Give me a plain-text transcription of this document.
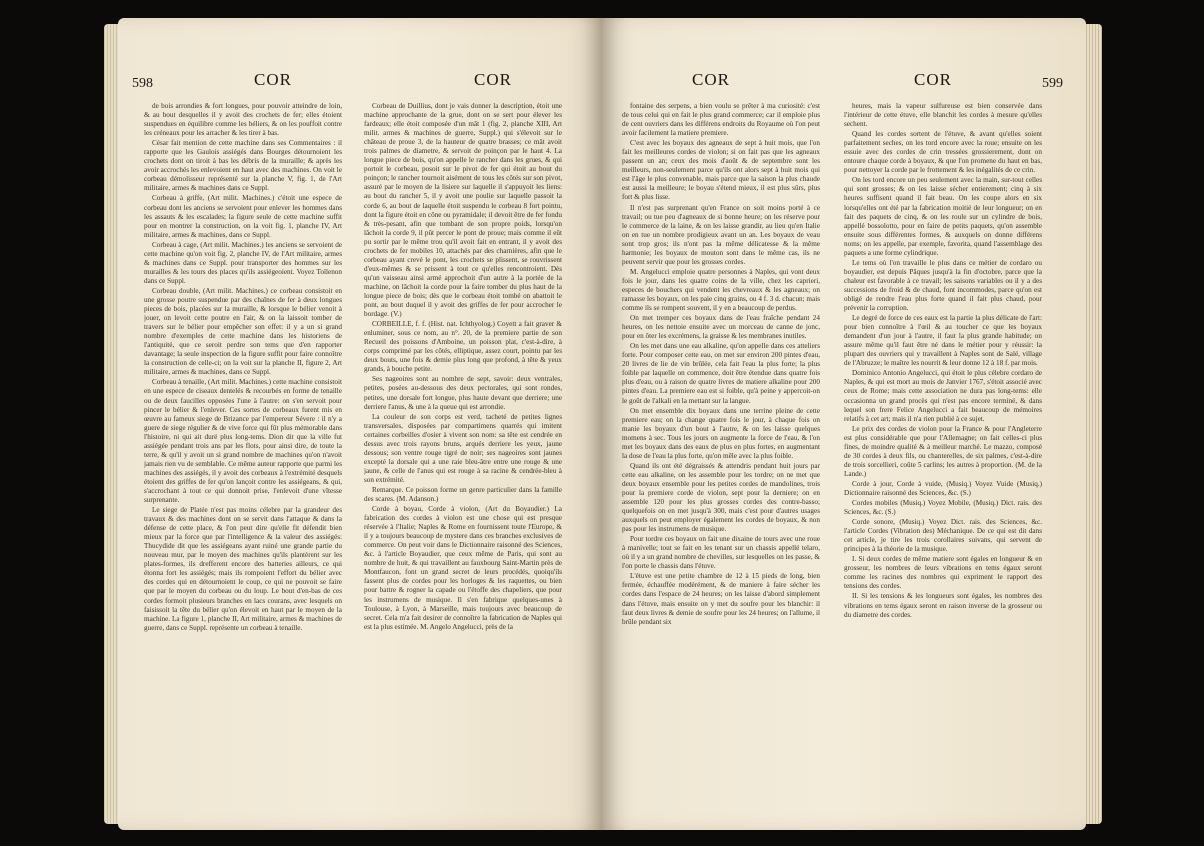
598	COR	COR

de bois arrondies & fort longues, pour pouvoir atteindre de loin, & au bout desquelles il y avoit des crochets de fer; elles étoient suspendues en équilibre comme les béliers, & on les pouffoit contre les créneaux pour les arracher & les tirer à bas.

César fait mention de cette machine dans ses Commentaires : il rapporte que les Gaulois assiégés dans Bourges détournoient les crochets dont on tiroit à bas les débris de la muraille; & après les avoir accrochés les enlevoient en haut avec des machines. On voit le corbeau démolisseur représenté sur la planche V, fig. 1, de l'Art militaire, armes & machines dans ce Suppl.

Corbeau à griffe, (Art milit. Machines.) c'étoit une espece de corbeau dont les anciens se servoient pour enlever les hommes dans les assauts & les escalades; la figure seule de cette machine suffit pour en montrer la construction, on la voit fig. 1, planche IV, Art militaire, armes & machines, dans ce Suppl.

Corbeau à cage, (Art milit. Machines.) les anciens se servoient de cette machine qu'on voit fig. 2, planche IV, de l'Art militaire, armes & machines dans ce Suppl. pour transporter des hommes sur les murailles & les tours des places qu'ils assiégeoient. Voyez Tollenon dans ce Suppl.

Corbeau double, (Art milit. Machines.) ce corbeau consistoit en une grosse poutre suspendue par des chaînes de fer à deux longues pieces de bois, placées sur la muraille, & lorsque le bélier venoit à jouer, on levoit cette poutre en l'air, & on la laissoit tomber de travers sur le bélier pour empêcher son effet: il y a un si grand nombre d'exemples de cette machine dans les historiens de l'antiquité, que ce seroit perdre son tems que d'en rapporter davantage; la seule inspection de la figure suffit pour faire connoître la construction de celle-ci; on la voit sur la planche II, figure 2, Art militaire, armes & machines, dans ce Suppl.

Corbeau à tenaille, (Art milit. Machines.) cette machine consistoit en une espece de ciseaux dentelés & recourbés en forme de tenaille ou de deux faucilles opposées l'une à l'autre: on s'en servoit pour pincer le bélier & l'enlever. Ces sortes de corbeaux furent mis en œuvre au fameux siege de Brizance par l'empereur Sévere : il n'y a guere de siege régulier & de vive force qui fût plus mémorable dans l'histoire, ni qui ait duré plus long-tems. Dion dit que la ville fut assiégée pendant trois ans par les flots, pour ainsi dire, de toute la terre, & qu'il y avoit un si grand nombre de machines qu'on n'avoit jamais rien vu de semblable. Ce même auteur rapporte que parmi les machines des assiégés, il y avoit des corbeaux à l'extrémité desquels étoient des griffes de fer qu'on lançoit contre les assiégeans, & qui, s'accrochant à tout ce qui donnoit prise, l'enlevoit d'une vîtesse surprenante.

Le siege de Platée n'est pas moins célebre par la grandeur des travaux & des machines dont on se servit dans l'attaque & dans la défense de cette place, & l'on peut dire qu'elle fit défendit bien mieux par la force que par l'intelligence & la valeur des assiégés: Thucydide dit que les assiégeans ayant ruiné une grande partie du nouveau mur, par le moyen des machines qu'ils plantèrent sur les plates-formes, ils drefferent encore des batteries ailleurs, ce qui étonna fort les assiégés; mais ils rompoient l'effort du bélier avec des cordes qui en détournoient le coup, ce qui ne pouvoit se faire que par le moyen du corbeau ou du loup. Le bout d'en-bas de ces cordes formoit plusieurs branches en lacs courans, avec lesquels on faisissoit la tête du bélier qu'on élevoit en haut par le moyen de la machine. La figure 1, planche II, Art militaire, armes & machines de guerre, dans ce Suppl. représente un corbeau à tenaille.

Corbeau de Duillius, dont je vais donner la description, étoit une machine approchante de la grue, dont on se sert pour élever les fardeaux; elle étoit composée d'un mât 1 (fig. 2, planche XIII, Art milit. armes & machines de guerre, Suppl.) qui s'élevoit sur le château de proue 3, de la hauteur de quatre brasses; ce mât avoit trois palmes de diametre, & servoit de poinçon par le haut 4. La longue piece de bois, qu'on appelle le rancher dans les grues, & qui portoit le corbeau, posoit sur le pivot de fer qui étoit au bout du poinçon; le rancher tournoit aisément de tous les côtés sur son pivot, assuré par le moyen de la lisiere sur laquelle il s'appuyoit les liens: au bout du rancher 5, il y avoit une poulie sur laquelle passoit la corde 6, au bout de laquelle étoit suspendu le corbeau 8 fort pointu, dont la figure étoit en cône ou pyramidale; il devoit être de fer fondu & très-pesant, afin que tombant de son propre poids, lorsqu'on lâchoit la corde 9, il pût percer le pont de proue; mais comme il eût pu sortir par le même trou qu'il avoit fait en entrant, il y avoit des crochets de fer mobiles 10, attachés par des charnières, afin que le corbeau ayant crevé le pont, les crochets se plissent, se rouvrissent d'eux-mêmes & se prissent à tout ce qu'elles rencontroient. Dès qu'un vaisseau ainsi armé approchoit d'un autre à la portée de la machine, on lâchoit la corde pour la faire tomber du plus haut de la longue piece de bois; dès que le corbeau étoit tombé on abattoit le pont, au bout duquel il y avoit des griffes de fer pour accrocher le bordage. (V.)

CORBEILLE, f. f. (Hist. nat. Ichthyolog.) Coyett a fait graver & enluminer, sous ce nom, au n°. 20, de la premiere partie de son Recueil des poissons d'Amboine, un poisson plat, c'est-à-dire, à corps comprimé par les côtés, elliptique, assez court, pointu par les deux bouts, une fois & demie plus long que profond, à tête & yeux grands, à bouche petite.

Ses nageoires sont au nombre de sept, savoir: deux ventrales, petites, posées au-dessous des deux pectorales, qui sont rondes, petites, une dorsale fort longue, plus haute devant que derriere; une derriere l'anus, & une à la queue qui est arrondie.

La couleur de son corps est verd, tacheté de petites lignes transversales, disposées par compartimens quarrés qui imitent certaines corbeilles d'osier à vivent son nom: sa tête est cendrée en dessus avec trois rayons bruns, arqués derriere les yeux, jaune dessous; son ventre rouge tigré de noir; ses nageoires sont jaunes excepté la dorsale qui a une raie bleu-âtre entre une rouge & une jaune, & celle de l'anus qui est rouge à sa racine & cendrée-bleu à son extrémité.

Remarque. Ce poisson forme un genre particulier dans la famille des scares. (M. Adanson.)

Corde à boyau, Corde à violon, (Art du Boyaudier.) La fabrication des cordes à violon est une chose qui est presque réservée à l'Italie; Naples & Rome en fournissent toute l'Europe, & il y a toujours beaucoup de mystere dans ces branches exclusives de commerce. On peut voir dans le Dictionnaire raisonné des Sciences, &c. à l'article Boyaudier, que ceux même de Paris, qui sont au nombre de huit, & qui travaillent au fauxbourg Saint-Martin près de Montfaucon, font un grand secret de leurs procédés, quoiqu'ils fassent plus de cordes pour les horloges & les raquettes, ou bien pour battre & rogner la capade ou l'étoffe des chapeliers, que pour les instrumens de musique. Il s'en fabrique quelques-unes à Toulouse, à Lyon, à Marseille, mais toujours avec beaucoup de secret. Cela m'a fait desirer de connoître la fabrication de Naples qui est la plus estimée. M. Angelo Angelucci, près de la

COR	COR	599

fontaine des serpens, a bien voulu se prêter à ma curiosité: c'est de tous celui qui en fait le plus grand commerce; car il emploie plus de cent ouvriers dans les différens endroits du Royaume où l'on peut avoir facilement la matiere premiere.

C'est avec les boyaux des agneaux de sept à huit mois, que l'on fait les meilleures cordes de violon; si on fait pas que les agneaux passent un an; ceux des mois d'août & de septembre sont les meilleurs, non-seulement parce qu'ils ont alors sept à huit mois qui est l'âge le plus convenable, mais parce que la saison la plus chaude est aussi la meilleure; le boyau s'étend mieux, il est plus sûrs, plus fort & plus lisse.

Il n'est pas surprenant qu'en France on soit moins porté à ce travail; ou tue peu d'agneaux de si bonne heure; on les réserve pour le commerce de la laine, & on les laisse grandir, au lieu qu'en Italie on en tue un nombre prodigieux avant un an. Les boyaux de veau sont trop gros; ils n'ont pas la même délicatesse & la même harmonie; les boyaux de mouton sont dans le même cas, ils ne peuvent servir que pour les grosses cordes.

M. Angelucci emploie quatre personnes à Naples, qui vont deux fois le jour, dans les quatre coins de la ville, chez les caprieri, especes de bouchers qui vendent les chevreaux & les agneaux; on ramasse les boyaux, on les paie cinq grains, ou 4 f. 3 d. chacun; mais comme ils se rompent souvent, il y en a beaucoup de perdus.

On met tremper ces boyaux dans de l'eau fraîche pendant 24 heures, on les nettoie ensuite avec un morceau de canne de jonc, pour en ôter les excrémens, la graisse & les membranes inutiles.

On les met dans une eau alkaline, qu'on appelle dans ces atteliers forte. Pour composer cette eau, on met sur environ 200 pintes d'eau, 20 livres de lie de vin brûlée, cela fait l'eau la plus forte; la plus foible par laquelle on commence, doit être étendue dans quatre fois plus d'eau, ou à raison de quatre livres de matiere alkaline pour 200 pintes d'eau. La premiere eau est si foible, qu'à peine y appercoit-on le goût de l'alkali en la mettant sur la langue.

On met ensemble dix boyaux dans une terrine pleine de cette premiere eau; on la change quatre fois le jour, à chaque fois on manie les boyaux d'un bout à l'autre, & on les laisse quelques momens à sec. Tous les jours on augmente la force de l'eau, & l'on met les boyaux dans des eaux de plus en plus fortes, en augmentant la dose de l'eau la plus forte, qu'on mêle avec la plus foible.

Quand ils ont été dégraissés & attendris pendant huit jours par cette eau alkaline, on les assemble pour les tordre; on ne met que deux boyaux ensemble pour les petites cordes de mandolines, trois pour la premiere corde de violon, sept pour la derniere; on en assemble 120 pour les plus grosses cordes des contre-basso; quelquefois on en met jusqu'à 300, mais c'est pour d'autres usages auxquels on peut employer également les cordes de boyaux, & non pas pour les instrumens de musique.

Pour tordre ces boyaux on fait une dixaine de tours avec une roue à manivelle; tout se fait en les tenant sur un chassis appellé telaro, où il y a un grand nombre de chevilles, sur lesquelles on les passe, & l'on porte le chassis dans l'étuve.

L'étuve est une petite chambre de 12 à 15 pieds de long, bien fermée, échauffée modérément, & de maniere à faire sécher les cordes dans l'espace de 24 heures; on les laisse d'abord simplement dans l'étuve, mais ensuite on y met du soufre pour les blanchir: il faut deux livres & demie de soufre pour les 24 heures; on l'allume, il brûle pendant six

heures, mais la vapeur sulfureuse est bien conservée dans l'intérieur de cette étuve, elle blanchit les cordes à mesure qu'elles sechent.

Quand les cordes sortent de l'étuve, & avant qu'elles soient parfaitement seches, on les tord encore avec la roue; ensuite on les essuie avec des cordes de crin tressées grossierement, dont on entoure chaque corde à boyaux, & que l'on promene du haut en bas, pour nettoyer la corde par le frottement & les inégalités de ce crin.

On les tord encore un peu seulement avec la main, sur-tout celles qui sont grosses; & on les laisse sécher entierement; cinq à six heures suffisent quand il fait beau. On les coupe alors en six lorsqu'elles ont été par la fabrication moitié de leur longueur; on en fait des paquets de cinq, & on les roule sur un cylindre de bois, appellé bossolotto, pour en faire de petits paquets, qu'on assemble ensuite sous différentes formes, & auxquels on donne différens noms; on les appelle, par exemple, favorita, quand l'assemblage des paquets a une forme cylindrique.

Le tems où l'on travaille le plus dans ce métier de cordaro ou boyaudier, est depuis Pâques jusqu'à la fin d'octobre, parce que la chaleur est favorable à ce travail; les saisons variables ou il y a des successions de froid & de chaud, font incommodes, parce qu'on est obligé de rendre l'eau plus forte quand il fait plus chaud, pour prévenir la corruption.

Le degré de force de ces eaux est la partie la plus délicate de l'art: pour bien connoître à l'œil & au toucher ce que les boyaux demandent d'un jour à l'autre, il faut la plus grande habitude; on assure même qu'il faut être né dans le métier pour y réussir: la plupart des ouvriers qui y travaillent à Naples sont de Salé, village de l'Abruzze; le maître les nourrit & leur donne 12 à 18 f. par mois.

Dominico Antonio Angelucci, qui étoit le plus célebre cordaro de Naples, & qui est mort au mois de Janvier 1767, s'étoit associé avec ceux de Rome; mais cette association ne dura pas long-tems: elle occasionna un grand procès qui n'est pas encore terminé, & dans lequel son frere Felice Angelucci a fait beaucoup de mémoires relatifs à cet art; mais il n'a rien publié à ce sujet.

Le prix des cordes de violon pour la France & pour l'Angleterre est plus considérable que pour l'Allemagne; on fait celles-ci plus fines, de moindre qualité & à meilleur marché. Le mazzo, composé de 30 cordes à deux fils, ou chanterelles, de six palmes, c'est-à-dire de trois sorcellieri, coûte 5 carlins; les autres à proportion. (M. de la Lande.)

Corde à jour, Corde à vuide, (Musiq.) Voyez Vuide (Musiq.) Dictionnaire raisonné des Sciences, &c. (S.)

Cordes mobiles (Musiq.) Voyez Mobile, (Musiq.) Dict. rais. des Sciences, &c. (S.)

Corde sonore, (Musiq.) Voyez Dict. rais. des Sciences, &c. l'article Cordes (Vibration des) Méchanique. De ce qui est dit dans cet article, je tire les trois corollaires suivans, qui servent de principes à la théorie de la musique.

I. Si deux cordes de même matiere sont égales en longueur & en grosseur, les nombres de leurs vibrations en tems égaux seront comme les racines des nombres qui expriment le rapport des tensions des cordes.

II. Si les tensions & les longueurs sont égales, les nombres des vibrations en tems égaux seront en raison inverse de la grosseur ou du diametre des cordes.
